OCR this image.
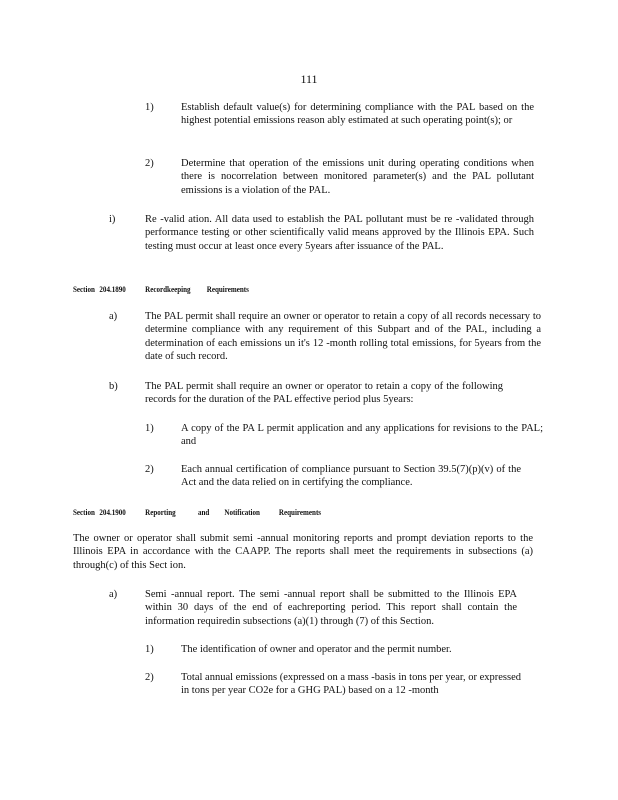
111
1)	Establish default value(s) for determining compliance with the PAL based on the highest potential emissions reason ably estimated at such operating point(s); or
2)	Determine that operation of the emissions unit during operating conditions when there is nocorrelation between monitored parameter(s) and the PAL pollutant emissions is a violation of the PAL.
i)	Re -valid ation. All data used to establish the PAL pollutant must be re -validated through performance testing or other scientifically valid means approved by the Illinois EPA. Such testing must occur at least once every 5years after issuance of the PAL.
Section 204.1890 Recordkeeping Requirements
a)	The PAL permit shall require an owner or operator to retain a copy of all records necessary to determine compliance with any requirement of this Subpart and of the PAL, including a determination of each emissions un it's 12 -month rolling total emissions, for 5years from the date of such record.
b)	The PAL permit shall require an owner or operator to retain a copy of the following records for the duration of the PAL effective period plus 5years:
1)	A copy of the PA L permit application and any applications for revisions to the PAL; and
2)	Each annual certification of compliance pursuant to Section 39.5(7)(p)(v) of the Act and the data relied on in certifying the compliance.
Section 204.1900 Reporting	and Notification Requirements
The owner or operator shall submit semi -annual monitoring reports and prompt deviation reports to the Illinois EPA in accordance with the CAAPP. The reports shall meet the requirements in subsections (a) through(c) of this Sect ion.
a)	Semi -annual report. The semi -annual report shall be submitted to the Illinois EPA within 30 days of the end of eachreporting period. This report shall contain the information requiredin subsections (a)(1) through (7) of this Section.
1)	The identification of owner and operator and the permit number.
2)	Total annual emissions (expressed on a mass -basis in tons per year, or expressed in tons per year CO2e for a GHG PAL) based on a 12 -month
